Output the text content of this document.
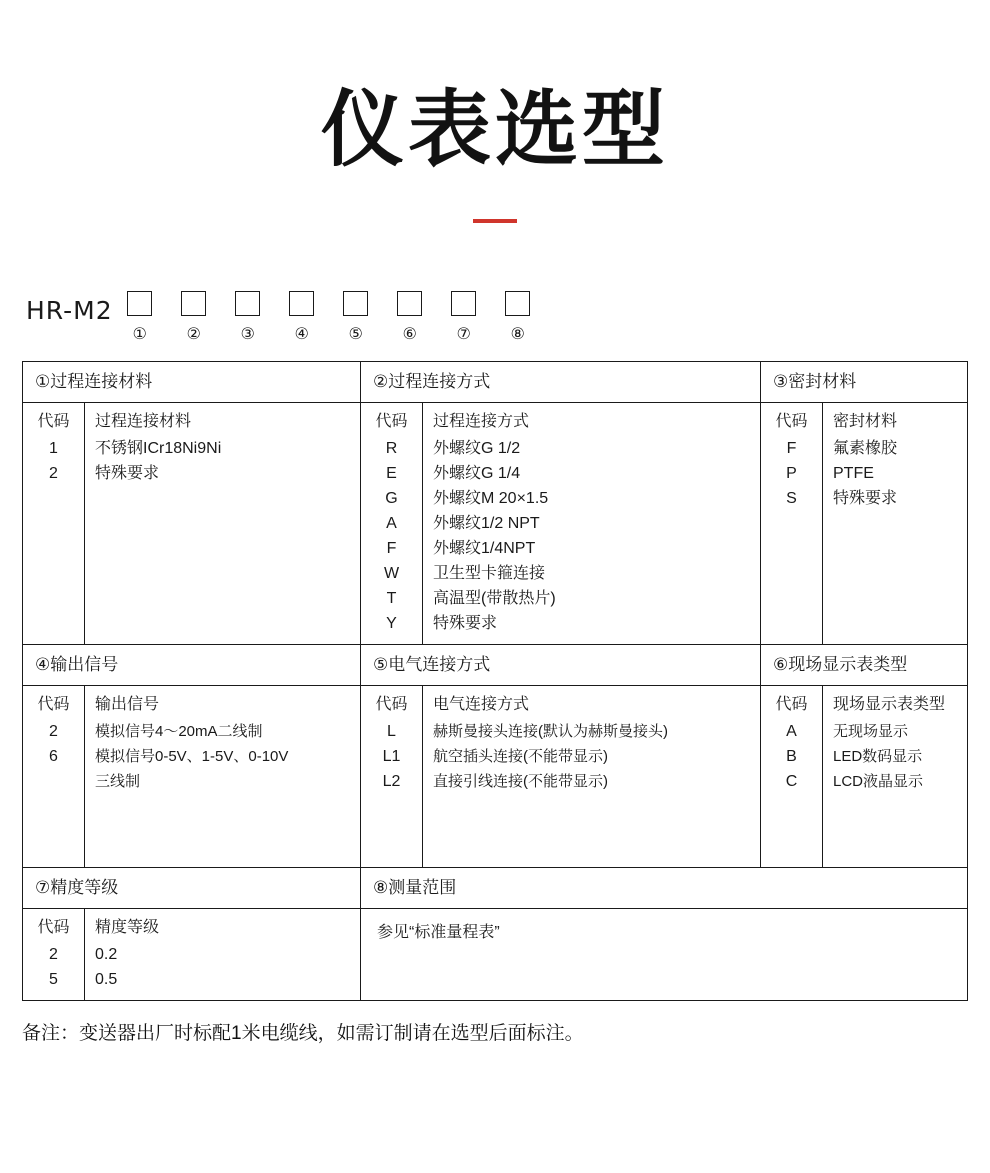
仪表选型
HR-M2
① ② ③ ④ ⑤ ⑥ ⑦ ⑧
①过程连接材料
代码
1
2
过程连接材料
不锈钢ICr18Ni9Ni
特殊要求
②过程连接方式
代码
R
E
G
A
F
W
T
Y
过程连接方式
外螺纹G 1/2
外螺纹G 1/4
外螺纹M 20×1.5
外螺纹1/2 NPT
外螺纹1/4NPT
卫生型卡箍连接
高温型(带散热片)
特殊要求
③密封材料
代码
F
P
S
密封材料
氟素橡胶
PTFE
特殊要求
④输出信号
代码
2
6

输出信号
模拟信号4～20mA二线制
模拟信号0-5V、1-5V、0-10V
三线制
⑤电气连接方式
代码
L
L1
L2
电气连接方式
赫斯曼接头连接(默认为赫斯曼接头)
航空插头连接(不能带显示)
直接引线连接(不能带显示)
⑥现场显示表类型
代码
A
B
C
现场显示表类型
无现场显示
LED数码显示
LCD液晶显示
⑦精度等级
代码
2
5
精度等级
0.2
0.5
⑧测量范围
参见“标准量程表”
备注：变送器出厂时标配1米电缆线，如需订制请在选型后面标注。
